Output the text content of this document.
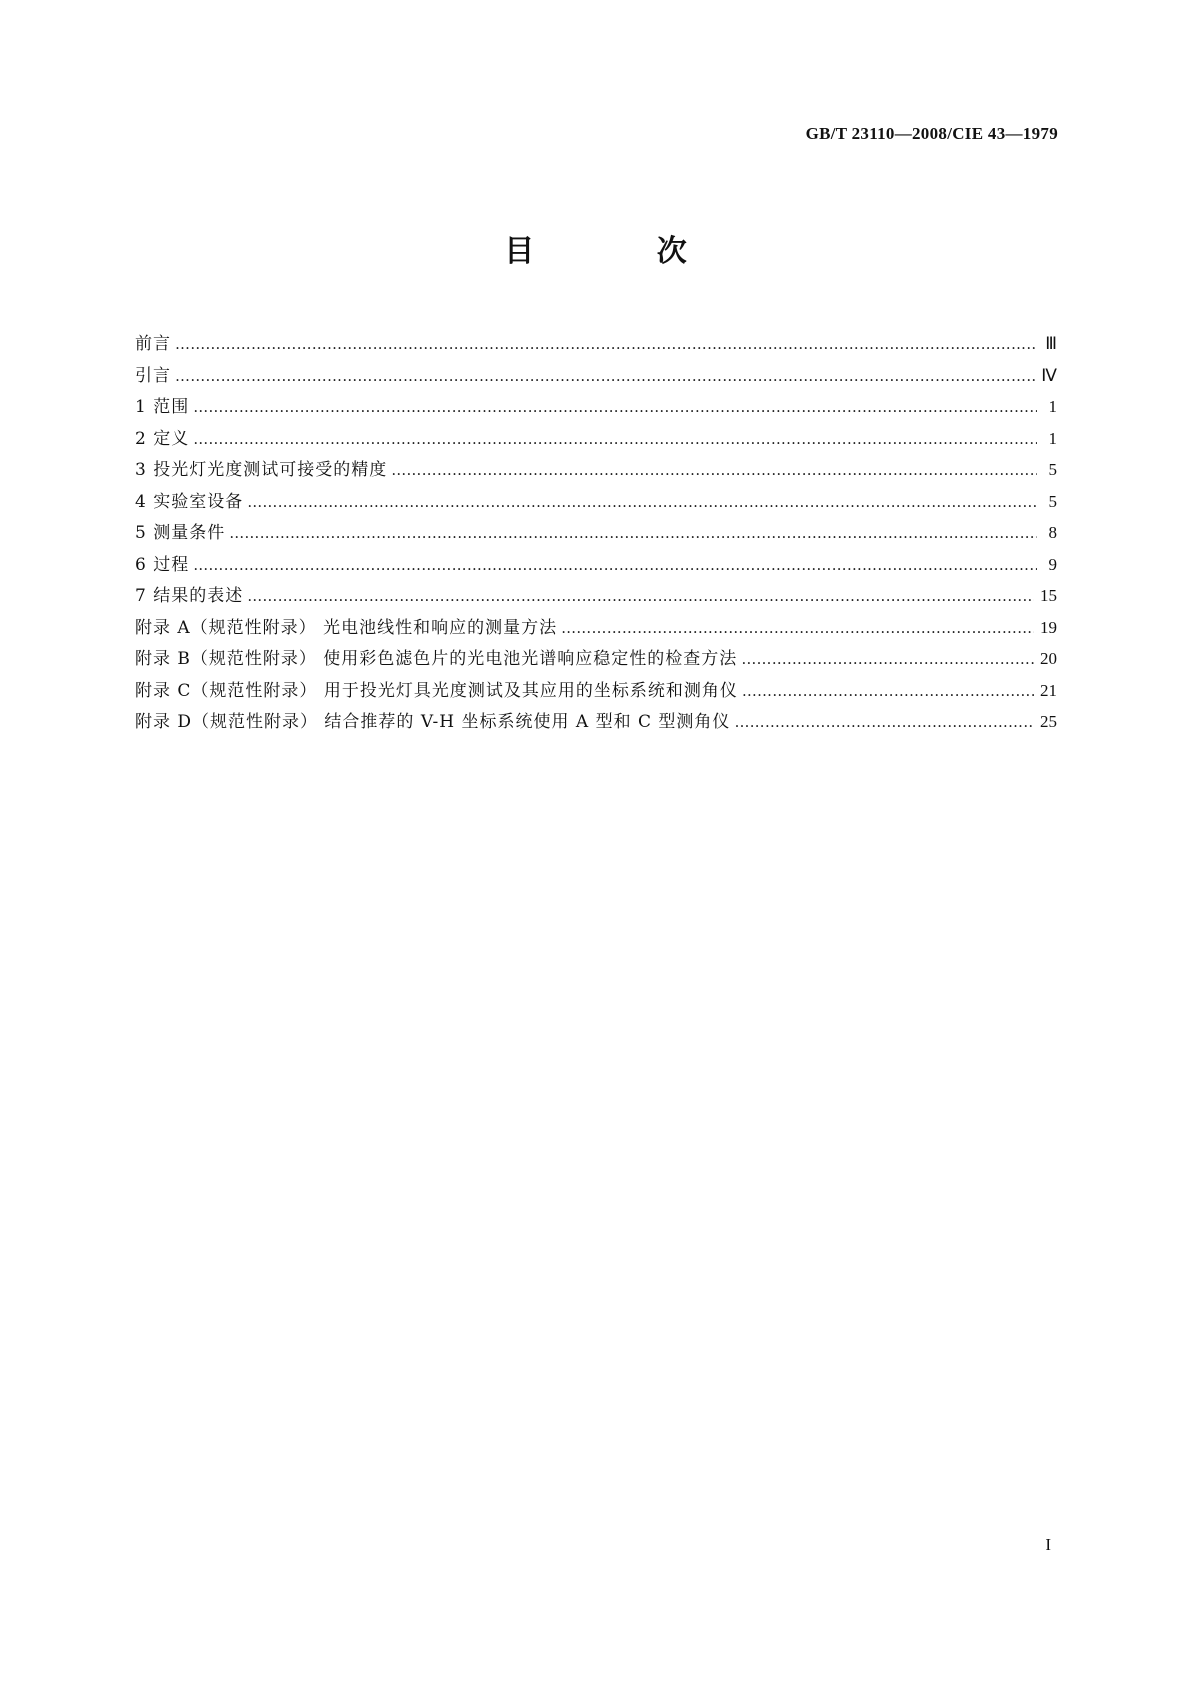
GB/T 23110—2008/CIE 43—1979
目 次
前言 ………………………………………………………………………………………………………………………………………………………………………………………………	Ⅲ
引言 ………………………………………………………………………………………………………………………………………………………………………………………………	Ⅳ
1 范围 ………………………………………………………………………………………………………………………………………………………………………………………………	1
2 定义 ………………………………………………………………………………………………………………………………………………………………………………………………	1
3 投光灯光度测试可接受的精度 ………………………………………………………………………………………………………………………………………………………………………………………………	5
4 实验室设备 ………………………………………………………………………………………………………………………………………………………………………………………………	5
5 测量条件 ………………………………………………………………………………………………………………………………………………………………………………………………	8
6 过程 ………………………………………………………………………………………………………………………………………………………………………………………………	9
7 结果的表述 ………………………………………………………………………………………………………………………………………………………………………………………………	15
附录 A（规范性附录） 光电池线性和响应的测量方法 ………………………………………………………………………………………………………………………………………………………………………………………………	19
附录 B（规范性附录） 使用彩色滤色片的光电池光谱响应稳定性的检查方法 ………………………………………………………………………………………………………………………………………………………………………………………………	20
附录 C（规范性附录） 用于投光灯具光度测试及其应用的坐标系统和测角仪 ………………………………………………………………………………………………………………………………………………………………………………………………	21
附录 D（规范性附录） 结合推荐的 V-H 坐标系统使用 A 型和 C 型测角仪 ………………………………………………………………………………………………………………………………………………………………………………………………	25
I
